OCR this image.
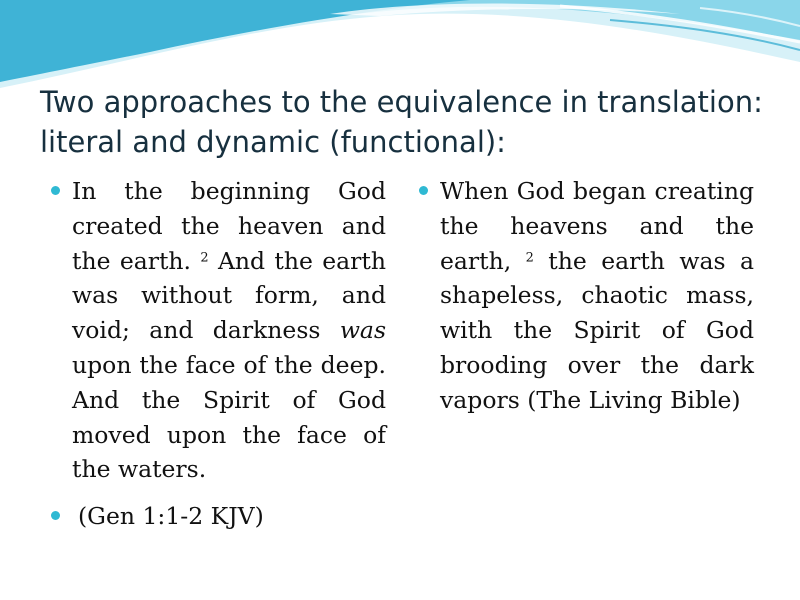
Two approaches to the equivalence in translation:
literal and dynamic (functional):

In the beginning God created the heaven and the earth. $^2$ And the earth was without form, and void; and darkness was upon the face of the deep. And the Spirit of God moved upon the face of the waters.

(Gen 1:1-2 KJV)

When God began creating the heavens and the earth, $^2$ the earth was a shapeless, chaotic mass, with the Spirit of God brooding over the dark vapors (The Living Bible)
